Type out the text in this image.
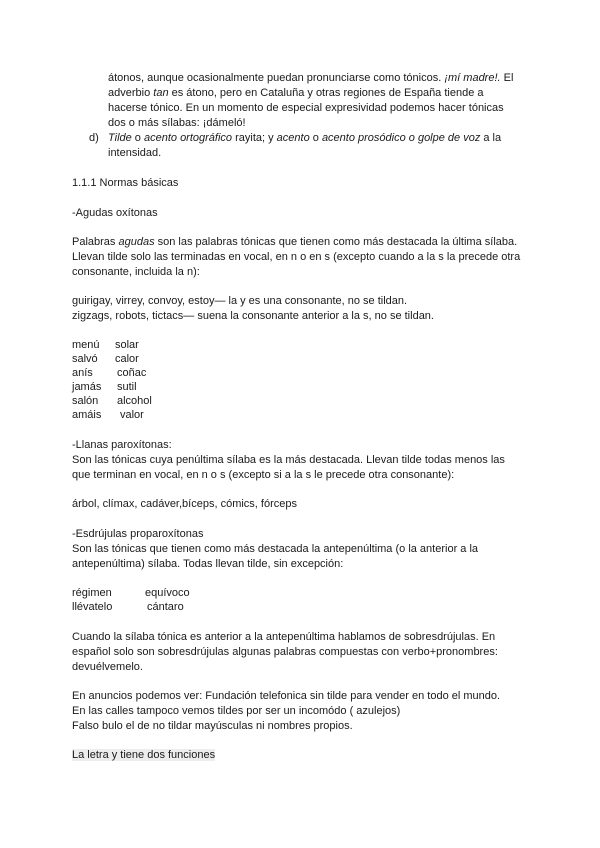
átonos, aunque ocasionalmente puedan pronunciarse como tónicos. ¡mí madre!. El
adverbio tan es átono, pero en Cataluña y otras regiones de España tiende a
hacerse tónico. En un momento de especial expresividad podemos hacer tónicas
dos o más sílabas: ¡dámeló!
d) Tilde o acento ortográfico rayita; y acento o acento prosódico o golpe de voz a la
intensidad.
1.1.1 Normas básicas
-Agudas oxítonas
Palabras agudas son las palabras tónicas que tienen como más destacada la última sílaba.
Llevan tilde solo las terminadas en vocal, en n o en s (excepto cuando a la s la precede otra
consonante, incluida la n):
guirigay, virrey, convoy, estoy— la y es una consonante, no se tildan.
zigzags, robots, tictacs— suena la consonante anterior a la s, no se tildan.
menú solar
salvó calor
anís coñac
jamás sutil
salón alcohol
amáis valor
-Llanas paroxítonas:
Son las tónicas cuya penúltima sílaba es la más destacada. Llevan tilde todas menos las
que terminan en vocal, en n o s (excepto si a la s le precede otra consonante):
árbol, clímax, cadáver,bíceps, cómics, fórceps
-Esdrújulas proparoxítonas
Son las tónicas que tienen como más destacada la antepenúltima (o la anterior a la
antepenúltima) sílaba. Todas llevan tilde, sin excepción:
régimen	equívoco
llévatelo	cántaro
Cuando la sílaba tónica es anterior a la antepenúltima hablamos de sobresdrújulas. En
español solo son sobresdrújulas algunas palabras compuestas con verbo+pronombres:
devuélvemelo.
En anuncios podemos ver: Fundación telefonica sin tilde para vender en todo el mundo.
En las calles tampoco vemos tildes por ser un incomódo ( azulejos)
Falso bulo el de no tildar mayúsculas ni nombres propios.
La letra y tiene dos funciones
